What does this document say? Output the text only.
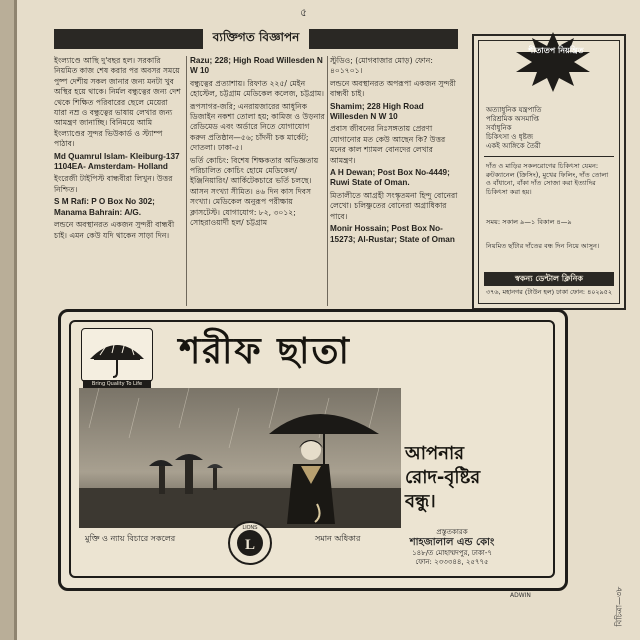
৫
ব্যক্তিগত বিজ্ঞাপন

ইংল্যাণ্ডে আছি দু'বছর হল। সরকারি নিয়মিত কাজ শেষ করার পর অবসর সময়ে পুষ্প দেশীয় সকল জানার জন্য মনটা খুব অস্থির হয়ে থাকে। নির্মল বন্ধুত্বের জন্য দেশ থেকে শিক্ষিত পরিবারের ছেলে মেয়েরা যারা নম্র ও বন্ধুত্বের ভাষায় লেখার জন্য আমন্ত্রণ জানাচ্ছি। বিনিময়ে আমি ইংল্যাণ্ডের সুন্দর ভিউকার্ড ও স্ট্যাম্প পাঠাব।

Md Quamrul Islam- Kleiburg-137 1104EA- Amsterdam- Holland

ইংরেজী টাইপিস্ট বান্ধবীরা লিখুন। উত্তর নিশ্চিত।

S M Rafi: P O Box No 302; Manama Bahrain: A/G.

লন্ডনে অবস্থানরত একজন সুন্দরী বান্ধবী চাই। এমন কেউ যদি থাকেন সাড়া দিন।

Razu; 228; High Road Willesden N W 10

বন্ধুত্বের প্রত্যাশায়। রিফাত ২২৫/ মেইন হোস্টেল, চট্টগ্রাম মেডিকেল কলেজ, চট্টগ্রাম।

রূপসাগর-জরি; এনরায়জারের আধুনিক ডিজাইন নকশা তোলা হয়; কামিজ ও উড়নার রেডিমেড এবং অর্ডারে নিতে যোগাযোগ করুন প্রতিষ্ঠান—৫৬; চাঁদনী চক মার্কেট; দোতলা। ঢাকা-৫।

ভর্তি কোচিং: বিশেষ শিক্ষকতার অভিজ্ঞতায় পরিচালিত কোচিং হোমে মেডিকেল/ ইঞ্জিনিয়ারিং/ আর্কিটেকচারে ভর্তি চলছে। আসন সংখ্যা সীমিত। ৪৬ দিন কাস দিবস সংখ্যা। মেডিকেল অনুরূপ পরীক্ষায় ক্লাসটেস্ট। যোগাযোগ: ৮২, ৩০১২; সোহরাওয়ার্দী হল/ চট্টগ্রাম

স্টুডিও; (মোগবাজার মোড়) ফোন: ৪০১৭০১।

লন্ডনে অবস্থানরত অপরূপা একজন সুন্দরী বান্ধবী চাই।

Shamim; 228 High Road Willesden N W 10

প্রবাস জীবনের নিঃসঙ্গতায় প্রেরণা যোগানোর মত কেউ আছেন কি? উত্তর মনের কাল শ্যামল বোনদের লেখার আমন্ত্রণ।

A H Dewan; Post Box No-4449; Ruwi State of Oman.

মিতালীতে আগ্রহী সংস্কৃতমনা হিন্দু বোনেরা লেখো। চলিষ্ণুতের বোনেরা অগ্রাধিকার পাবে।

Monir Hossain; Post Box No-15273; Al-Rustar; State of Oman

শীতাতপ নিয়ন্ত্রিত
অত্যাধুনিক যন্ত্রপাতি
পরিশ্রমিক অসমাপ্তি
সর্বাধুনিক
চিকিৎসা ও ধৃষ্টজ
একই আঙ্গিকে তৈরী
দাঁত ও মাড়ির সকলরোগের চিকিৎসা যেমন: রুটক্যানেল (ক্রিসিং), মুখের ফিলিং, দাঁত তোলা ও বাঁধানো, বাঁকা দাঁত সোজা করা ইত্যাদির চিকিৎসা করা হয়।
সময়: সকাল ৯—১ বিকাল ৪—৯
নিয়মিত ছাঁটার দাঁতের বন্ধ দিন নিয়ে আসুন।
স্বকন্য ডেন্টাল ক্লিনিক
৩৭৬, মহানগর (টাউন হল) ঢাকা ফোন: ৪০২৯৫২
Bring Quality To Life
শরীফ ছাতা
আপনার
রোদ-বৃষ্টির
বন্ধু।
মুক্তি ও ন্যায় বিচারে সকলের	সমান অধিকার
L
LIONS	প্রস্তুতকারক
শাহজালাল এন্ড কোং
১৪৮/ত মোহাম্মদপুর, ঢাকা-৭
ফোন: ২৩৩৩৪৪, ২৫৭৭৫
ADWIN	বিচিত্রা—৩৮
